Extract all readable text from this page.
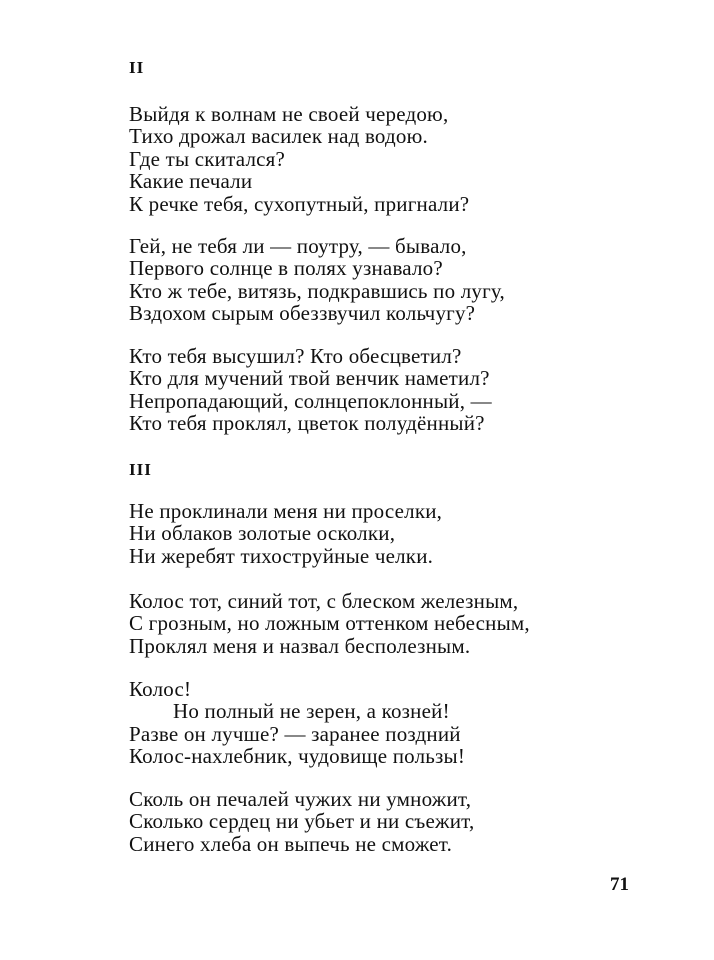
II
Выйдя к волнам не своей чередою,
Тихо дрожал василек над водою.
Где ты скитался?
Какие печали
К речке тебя, сухопутный, пригнали?
Гей, не тебя ли — поутру, — бывало,
Первого солнце в полях узнавало?
Кто ж тебе, витязь, подкравшись по лугу,
Вздохом сырым обеззвучил кольчугу?
Кто тебя высушил? Кто обесцветил?
Кто для мучений твой венчик наметил?
Непропадающий, солнцепоклонный, —
Кто тебя проклял, цветок полудённый?
III
Не проклинали меня ни проселки,
Ни облаков золотые осколки,
Ни жеребят тихоструйные челки.
Колос тот, синий тот, с блеском железным,
С грозным, но ложным оттенком небесным,
Проклял меня и назвал бесполезным.
Колос!
Но полный не зерен, а козней!
Разве он лучше? — заранее поздний
Колос-нахлебник, чудовище пользы!
Сколь он печалей чужих ни умножит,
Сколько сердец ни убьет и ни съежит,
Синего хлеба он выпечь не сможет.
71
